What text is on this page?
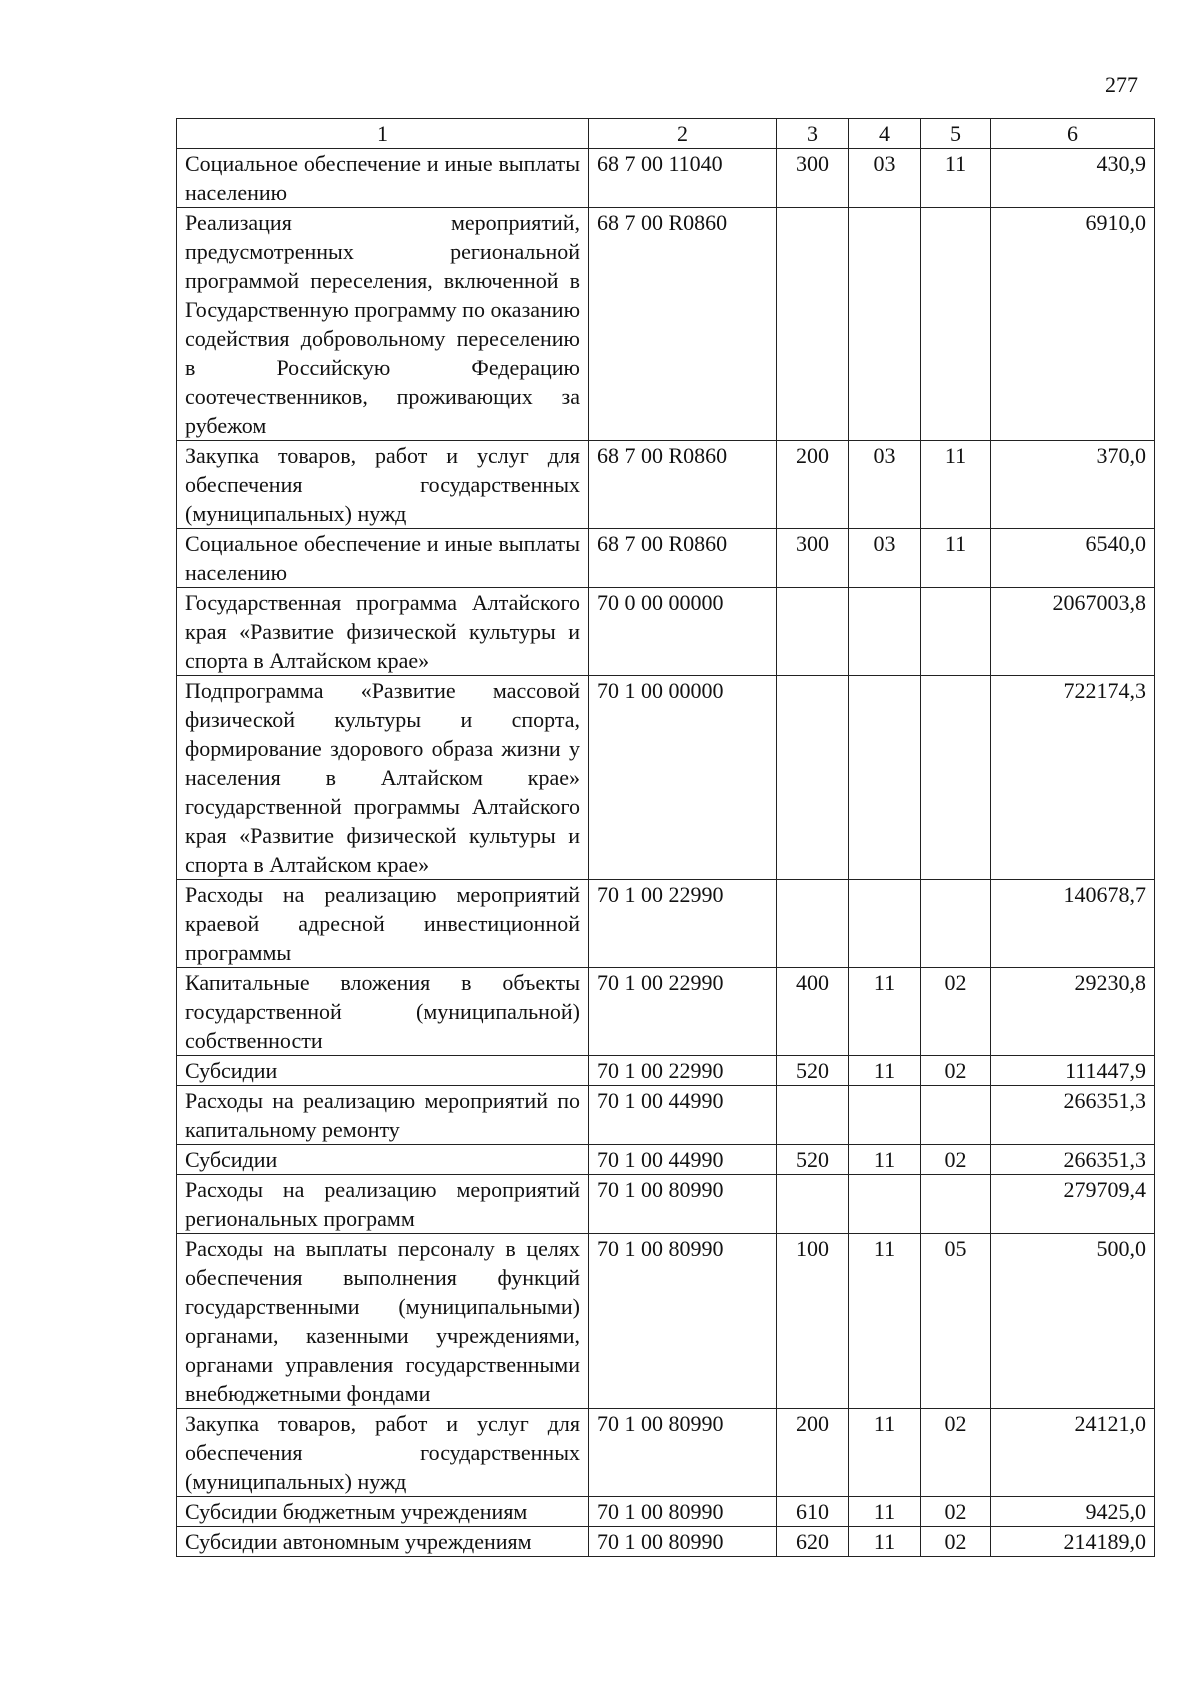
277
1	2	3	4	5	6
Социальное обеспечение и иные выплаты населению	68 7 00 11040	300	03	11	430,9
Реализация мероприятий, предусмотренных региональной программой переселения, включенной в Государственную программу по оказанию содействия добровольному переселению в Российскую Федерацию соотечественников, проживающих за рубежом	68 7 00 R0860				6910,0
Закупка товаров, работ и услуг для обеспечения государственных (муниципальных) нужд	68 7 00 R0860	200	03	11	370,0
Социальное обеспечение и иные выплаты населению	68 7 00 R0860	300	03	11	6540,0
Государственная программа Алтайского края «Развитие физической культуры и спорта в Алтайском крае»	70 0 00 00000				2067003,8
Подпрограмма «Развитие массовой физической культуры и спорта, формирование здорового образа жизни у населения в Алтайском крае» государственной программы Алтайского края «Развитие физической культуры и спорта в Алтайском крае»	70 1 00 00000				722174,3
Расходы на реализацию мероприятий краевой адресной инвестиционной программы	70 1 00 22990				140678,7
Капитальные вложения в объекты государственной (муниципальной) собственности	70 1 00 22990	400	11	02	29230,8
Субсидии	70 1 00 22990	520	11	02	111447,9
Расходы на реализацию мероприятий по капитальному ремонту	70 1 00 44990				266351,3
Субсидии	70 1 00 44990	520	11	02	266351,3
Расходы на реализацию мероприятий региональных программ	70 1 00 80990				279709,4
Расходы на выплаты персоналу в целях обеспечения выполнения функций государственными (муниципальными) органами, казенными учреждениями, органами управления государственными внебюджетными фондами	70 1 00 80990	100	11	05	500,0
Закупка товаров, работ и услуг для обеспечения государственных (муниципальных) нужд	70 1 00 80990	200	11	02	24121,0
Субсидии бюджетным учреждениям	70 1 00 80990	610	11	02	9425,0
Субсидии автономным учреждениям	70 1 00 80990	620	11	02	214189,0
